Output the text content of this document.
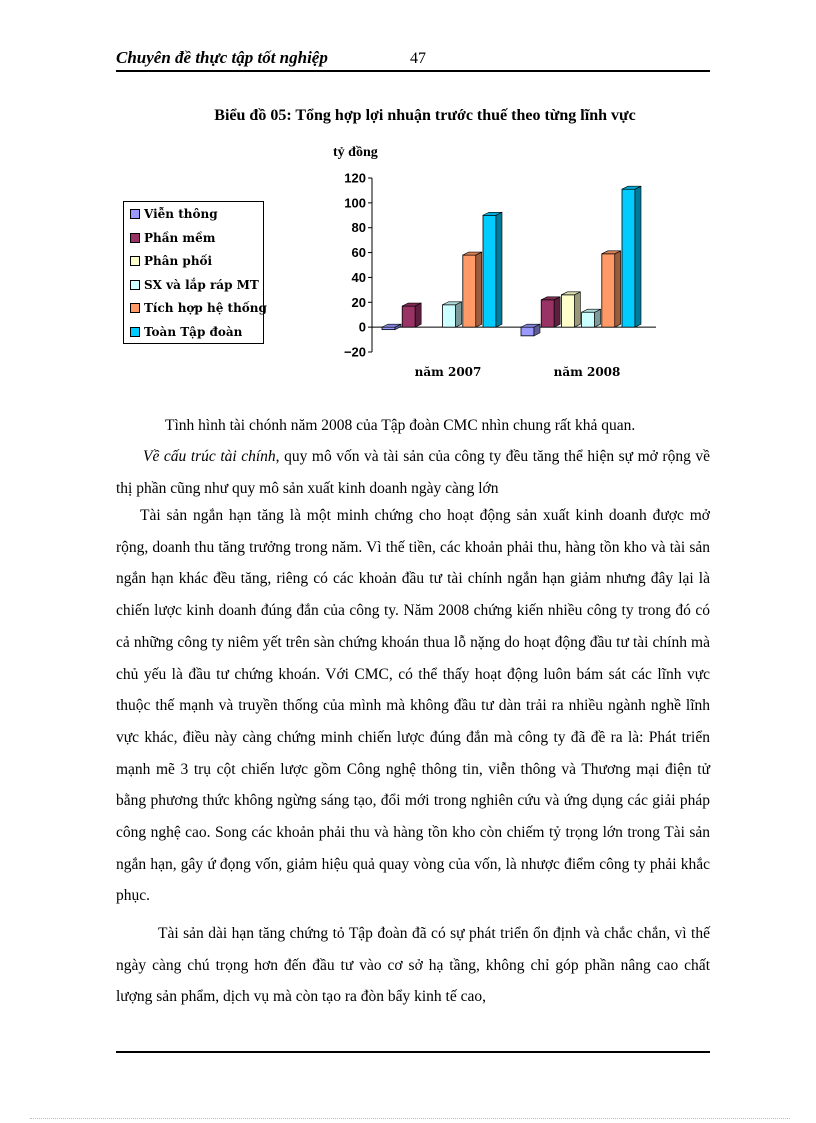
Chuyên đề thực tập tốt nghiệp	47
Biểu đồ 05: Tổng hợp lợi nhuận trước thuế theo từng lĩnh vực
tỷ đồng
Viễn thông
Phần mềm
Phân phối
SX và lắp ráp MT
Tích hợp hệ thống
Toàn Tập đoàn
120
100
80
60
40
20
0
−20
năm 2007	năm 2008

Tình hình tài chónh năm 2008 của Tập đoàn CMC nhìn chung rất khả quan.

Về cấu trúc tài chính, quy mô vốn và tài sản của công ty đều tăng thể hiện sự mở rộng về thị phần cũng như quy mô sản xuất kinh doanh ngày càng lớn

Tài sản ngắn hạn tăng là một minh chứng cho hoạt động sản xuất kinh doanh được mở rộng, doanh thu tăng trưởng trong năm. Vì thế tiền, các khoản phải thu, hàng tồn kho và tài sản ngắn hạn khác đều tăng, riêng có các khoản đầu tư tài chính ngắn hạn giảm nhưng đây lại là chiến lược kinh doanh đúng đắn của công ty. Năm 2008 chứng kiến nhiều công ty trong đó có cả những công ty niêm yết trên sàn chứng khoán thua lỗ nặng do hoạt động đầu tư tài chính mà chủ yếu là đầu tư chứng khoán. Với CMC, có thể thấy hoạt động luôn bám sát các lĩnh vực thuộc thế mạnh và truyền thống của mình mà không đầu tư dàn trải ra nhiều ngành nghề lĩnh vực khác, điều này càng chứng minh chiến lược đúng đắn mà công ty đã đề ra là: Phát triển mạnh mẽ 3 trụ cột chiến lược gồm Công nghệ thông tin, viễn thông và Thương mại điện tử bằng phương thức không ngừng sáng tạo, đổi mới trong nghiên cứu và ứng dụng các giải pháp công nghệ cao. Song các khoản phải thu và hàng tồn kho còn chiếm tỷ trọng lớn trong Tài sản ngắn hạn, gây ứ đọng vốn, giảm hiệu quả quay vòng của vốn, là nhược điểm công ty phải khắc phục.

Tài sản dài hạn tăng chứng tỏ Tập đoàn đã có sự phát triển ổn định và chắc chắn, vì thế ngày càng chú trọng hơn đến đầu tư vào cơ sở hạ tầng, không chỉ góp phần nâng cao chất lượng sản phẩm, dịch vụ mà còn tạo ra đòn bẩy kinh tế cao,
